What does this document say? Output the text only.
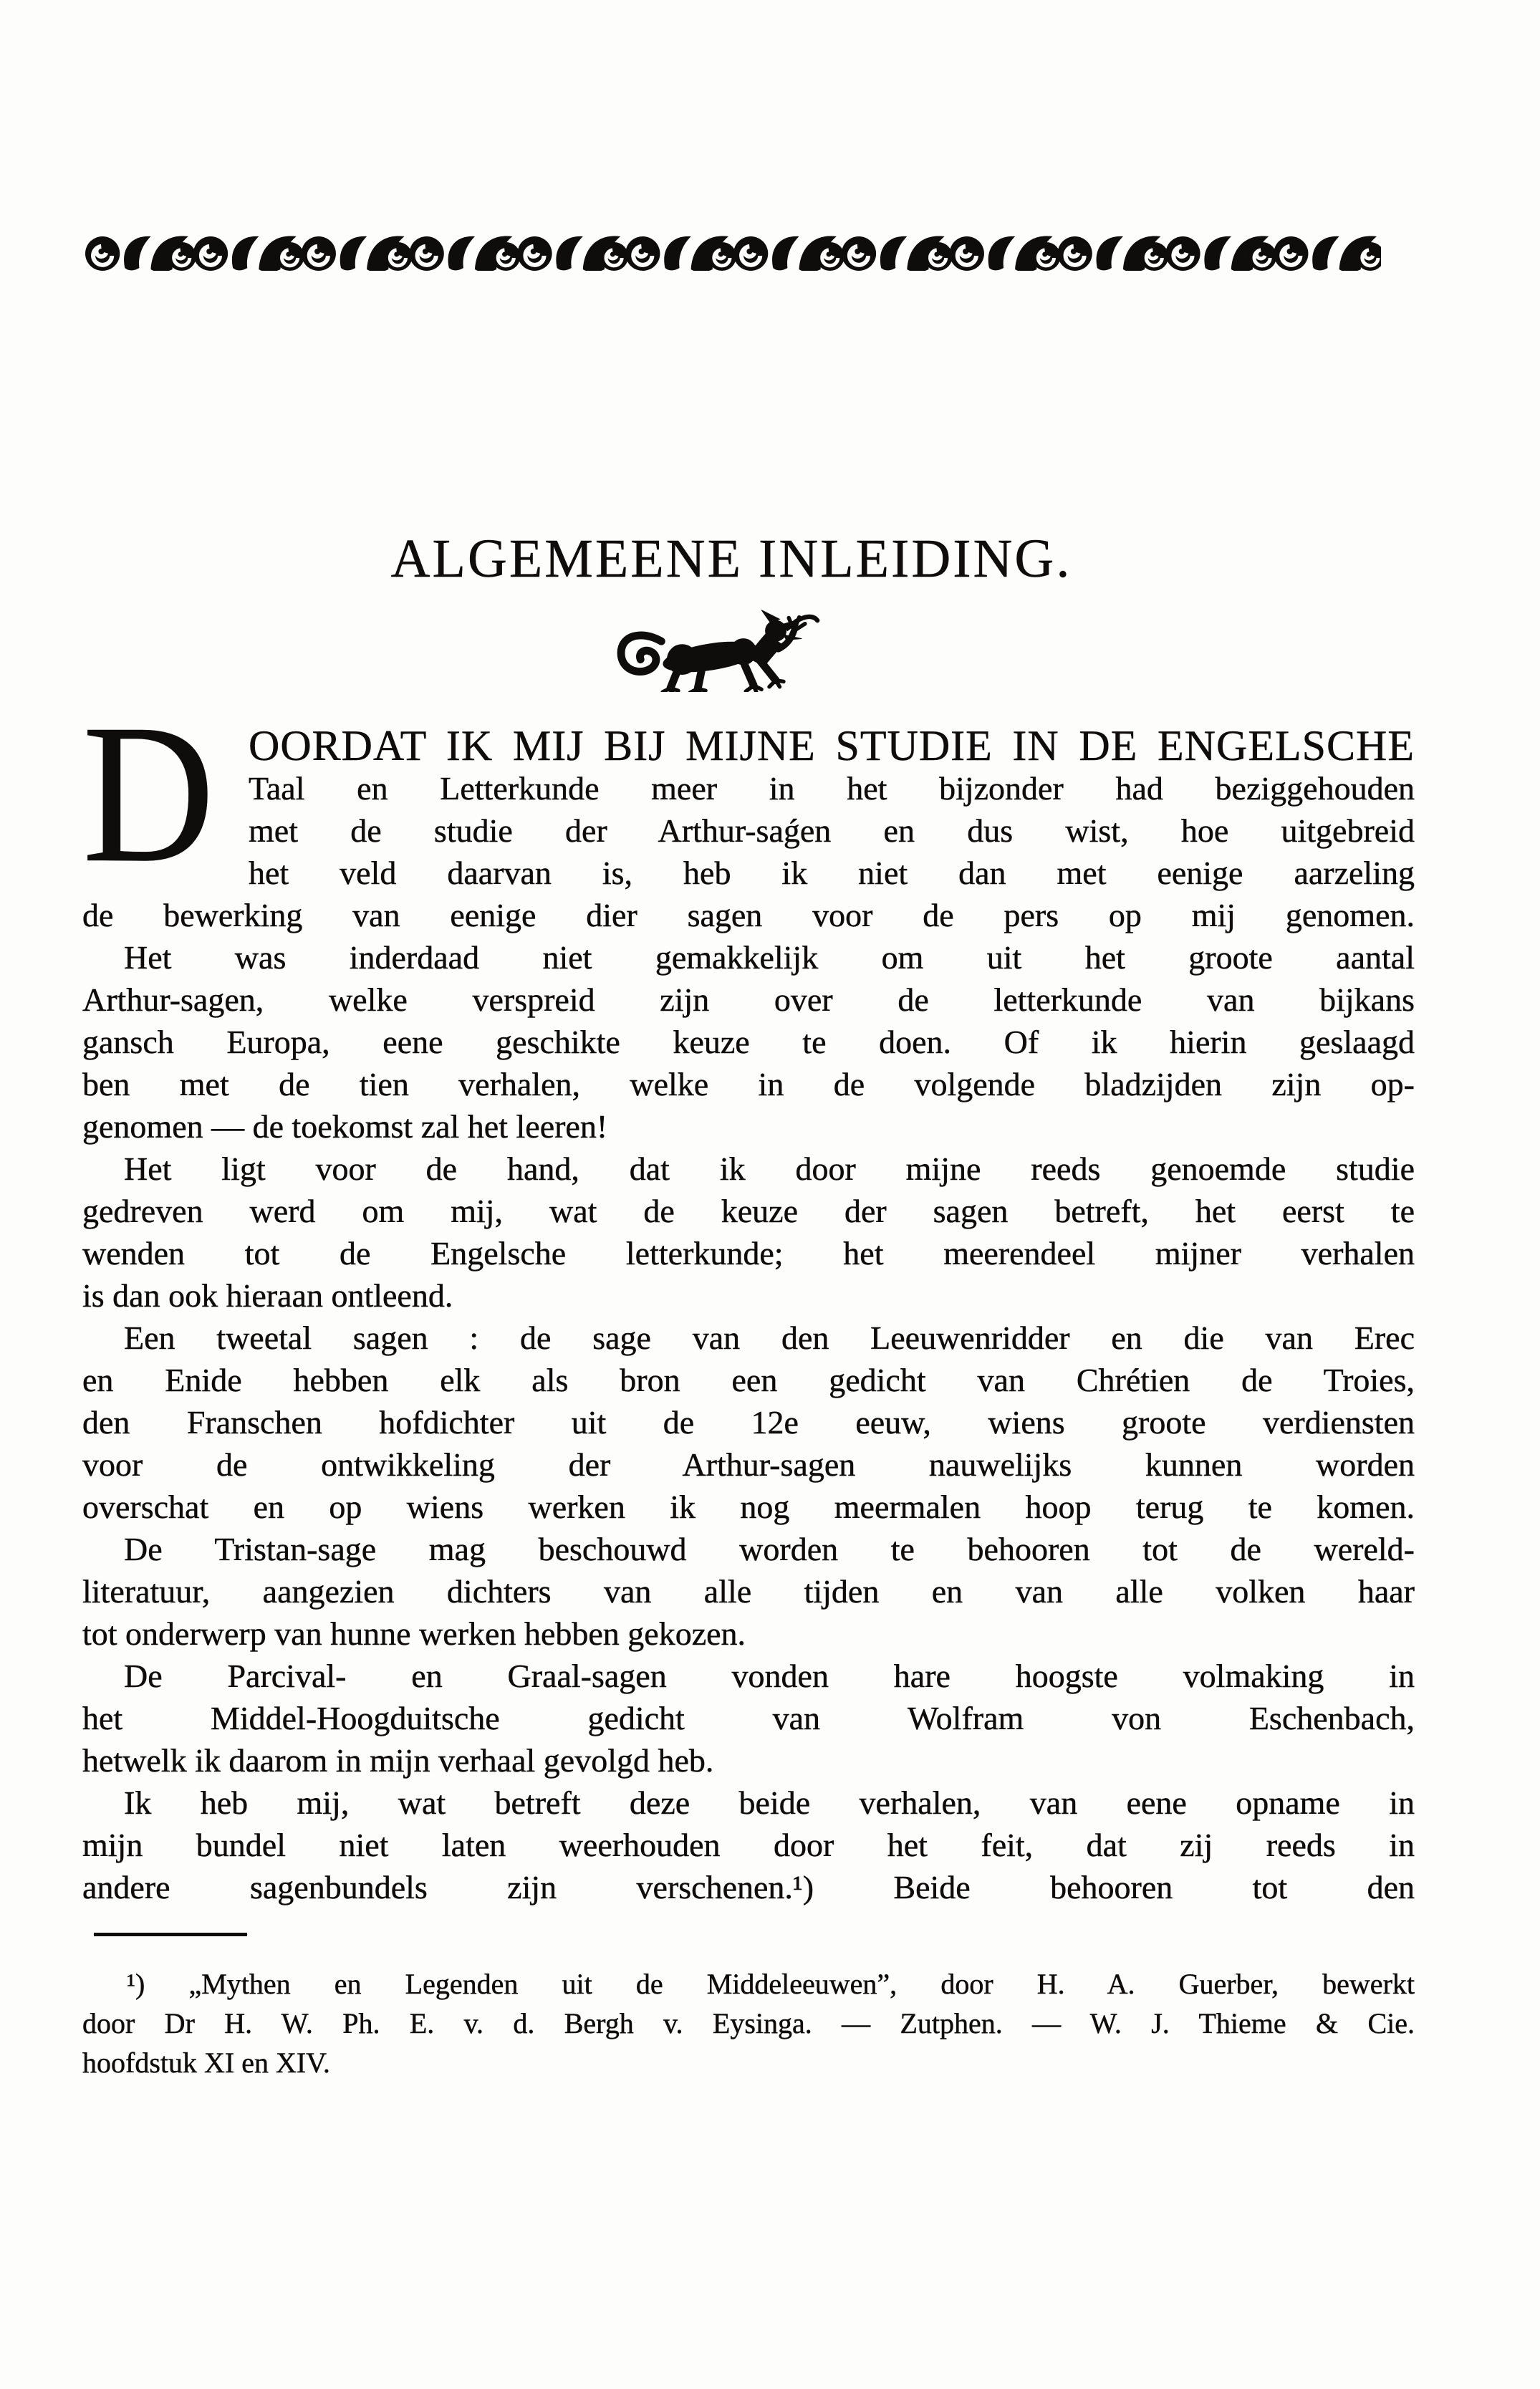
ALGEMEENE INLEIDING.
D OORDAT IK MIJ BIJ MIJNE STUDIE IN DE ENGELSCHE
Taal en Letterkunde meer in het bijzonder had beziggehouden
met de studie der Arthur-saǵen en dus wist, hoe uitgebreid
het veld daarvan is, heb ik niet dan met eenige aarzeling
de bewerking van eenige dier sagen voor de pers op mij genomen.
Het was inderdaad niet gemakkelijk om uit het groote aantal
Arthur-sagen, welke verspreid zijn over de letterkunde van bijkans
gansch Europa, eene geschikte keuze te doen. Of ik hierin geslaagd
ben met de tien verhalen, welke in de volgende bladzijden zijn op-
genomen — de toekomst zal het leeren!
Het ligt voor de hand, dat ik door mijne reeds genoemde studie
gedreven werd om mij, wat de keuze der sagen betreft, het eerst te
wenden tot de Engelsche letterkunde; het meerendeel mijner verhalen
is dan ook hieraan ontleend.
Een tweetal sagen : de sage van den Leeuwenridder en die van Erec
en Enide hebben elk als bron een gedicht van Chrétien de Troies,
den Franschen hofdichter uit de 12e eeuw, wiens groote verdiensten
voor de ontwikkeling der Arthur-sagen nauwelijks kunnen worden
overschat en op wiens werken ik nog meermalen hoop terug te komen.
De Tristan-sage mag beschouwd worden te behooren tot de wereld-
literatuur, aangezien dichters van alle tijden en van alle volken haar
tot onderwerp van hunne werken hebben gekozen.
De Parcival- en Graal-sagen vonden hare hoogste volmaking in
het Middel-Hoogduitsche gedicht van Wolfram von Eschenbach,
hetwelk ik daarom in mijn verhaal gevolgd heb.
Ik heb mij, wat betreft deze beide verhalen, van eene opname in
mijn bundel niet laten weerhouden door het feit, dat zij reeds in
andere sagenbundels zijn verschenen.¹) Beide behooren tot den
¹) „Mythen en Legenden uit de Middeleeuwen”, door H. A. Guerber, bewerkt
door Dr H. W. Ph. E. v. d. Bergh v. Eysinga. — Zutphen. — W. J. Thieme & Cie.
hoofdstuk XI en XIV.
